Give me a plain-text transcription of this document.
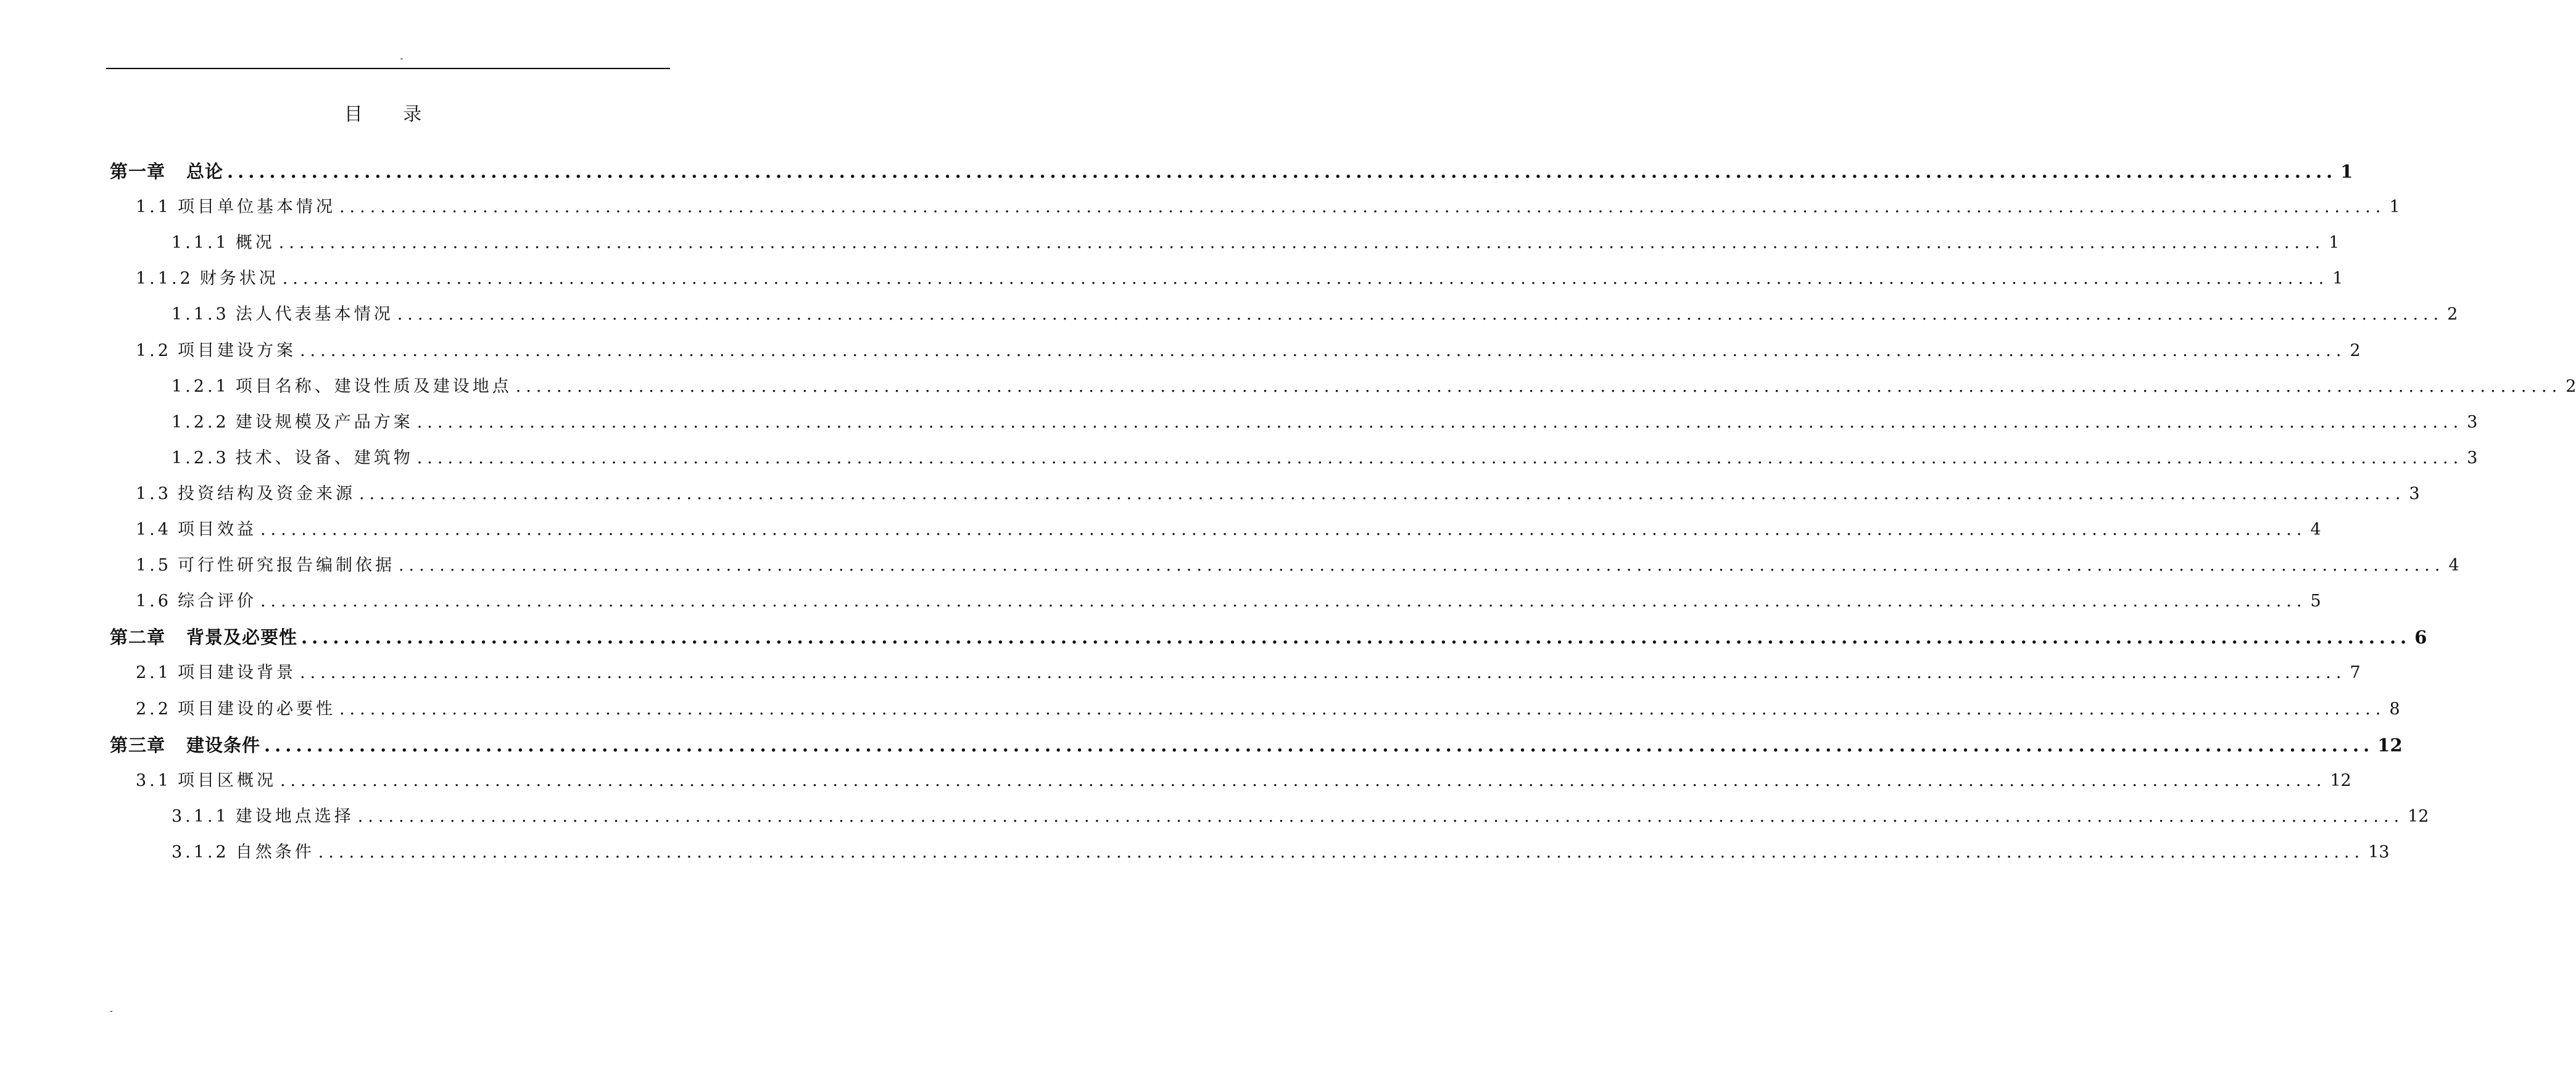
-
目 录
第一章 总论 ........................................................................................................................................................................................................ 1
1.1 项目单位基本情况 ........................................................................................................................................................................................................ 1
1.1.1 概况 ........................................................................................................................................................................................................ 1
1.1.2 财务状况 ........................................................................................................................................................................................................ 1
1.1.3 法人代表基本情况 ........................................................................................................................................................................................................ 2
1.2 项目建设方案 ........................................................................................................................................................................................................ 2
1.2.1 项目名称、建设性质及建设地点 ........................................................................................................................................................................................................ 2
1.2.2 建设规模及产品方案 ........................................................................................................................................................................................................ 3
1.2.3 技术、设备、建筑物 ........................................................................................................................................................................................................ 3
1.3 投资结构及资金来源 ........................................................................................................................................................................................................ 3
1.4 项目效益 ........................................................................................................................................................................................................ 4
1.5 可行性研究报告编制依据 ........................................................................................................................................................................................................ 4
1.6 综合评价 ........................................................................................................................................................................................................ 5
第二章 背景及必要性 ........................................................................................................................................................................................................ 6
2.1 项目建设背景 ........................................................................................................................................................................................................ 7
2.2 项目建设的必要性 ........................................................................................................................................................................................................ 8
第三章 建设条件 ........................................................................................................................................................................................................ 12
3.1 项目区概况 ........................................................................................................................................................................................................ 12
3.1.1 建设地点选择 ........................................................................................................................................................................................................ 12
3.1.2 自然条件 ........................................................................................................................................................................................................ 13
-
